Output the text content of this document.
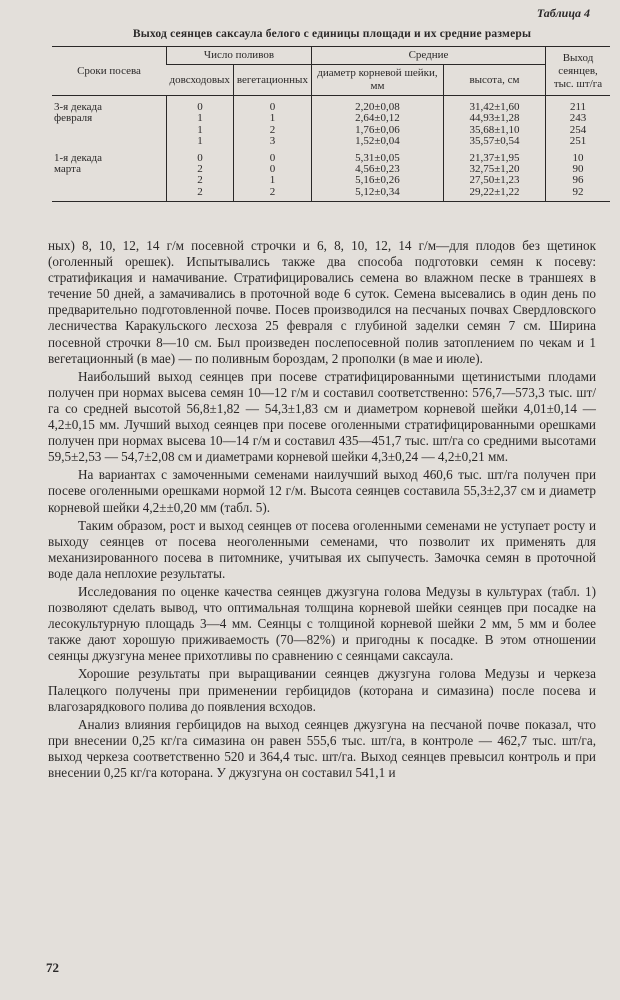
Таблица 4
Выход сеянцев саксаула белого с единицы площади и их средние размеры
Сроки посева	Число поливов		Средние		Выход сеянцев, тыс. шт/га
	довсходовых	вегетационных	диаметр корневой шейки, мм	высота, см	
3-я декада	0	0	2,20±0,08	31,42±1,60	211
февраля	1	1	2,64±0,12	44,93±1,28	243
	1	2	1,76±0,06	35,68±1,10	254
	1	3	1,52±0,04	35,57±0,54	251
1-я декада	0	0	5,31±0,05	21,37±1,95	10
марта	2	0	4,56±0,23	32,75±1,20	90
	2	1	5,16±0,26	27,50±1,23	96
	2	2	5,12±0,34	29,22±1,22	92

ных) 8, 10, 12, 14 г/м посевной строчки и 6, 8, 10, 12, 14 г/м—для плодов без щетинок (оголенный орешек). Испытывались также два способа подготовки семян к посеву: стратификация и намачивание. Стратифицировались семена во влажном песке в траншеях в течение 50 дней, а замачивались в проточной воде 6 суток. Семена высевались в один день по предварительно подготовленной почве. Посев производился на песчаных почвах Свердловского лесничества Каракульского лесхоза 25 февраля с глубиной заделки семян 7 см. Ширина посевной строчки 8—10 см. Был произведен послепосевной полив затоплением по чекам и 1 вегетационный (в мае) — по поливным бороздам, 2 прополки (в мае и июле).

Наибольший выход сеянцев при посеве стратифицированными щетинистыми плодами получен при нормах высева семян 10—12 г/м и составил соответственно: 576,7—573,3 тыс. шт/га со средней высотой 56,8±1,82 — 54,3±1,83 см и диаметром корневой шейки 4,01±0,14 — 4,2±0,15 мм. Лучший выход сеянцев при посеве оголенными стратифицированными орешками получен при нормах высева 10—14 г/м и составил 435—451,7 тыс. шт/га со средними высотами 59,5±2,53 — 54,7±2,08 см и диаметрами корневой шейки 4,3±0,24 — 4,2±0,21 мм.

На вариантах с замоченными семенами наилучший выход 460,6 тыс. шт/га получен при посеве оголенными орешками нормой 12 г/м. Высота сеянцев составила 55,3±2,37 см и диаметр корневой шейки 4,2±±0,20 мм (табл. 5).

Таким образом, рост и выход сеянцев от посева оголенными семенами не уступает росту и выходу сеянцев от посева неоголенными семенами, что позволит их применять для механизированного посева в питомнике, учитывая их сыпучесть. Замочка семян в проточной воде дала неплохие результаты.

Исследования по оценке качества сеянцев джузгуна голова Медузы в культурах (табл. 1) позволяют сделать вывод, что оптимальная толщина корневой шейки сеянцев при посадке на лесокультурную площадь 3—4 мм. Сеянцы с толщиной корневой шейки 2 мм, 5 мм и более также дают хорошую приживаемость (70—82%) и пригодны к посадке. В этом отношении сеянцы джузгуна менее прихотливы по сравнению с сеянцами саксаула.

Хорошие результаты при выращивании сеянцев джузгуна голова Медузы и черкеза Палецкого получены при применении гербицидов (которана и симазина) после посева и влагозарядкового полива до появления всходов.

Анализ влияния гербицидов на выход сеянцев джузгуна на песчаной почве показал, что при внесении 0,25 кг/га симазина он равен 555,6 тыс. шт/га, в контроле — 462,7 тыс. шт/га, выход черкеза соответственно 520 и 364,4 тыс. шт/га. Выход сеянцев превысил контроль и при внесении 0,25 кг/га которана. У джузгуна он составил 541,1 и

72
